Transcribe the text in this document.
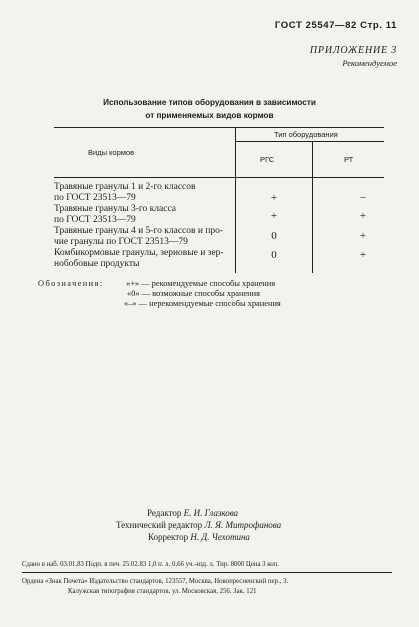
ГОСТ 25547—82 Стр. 11
ПРИЛОЖЕНИЕ 3
Рекомендуемое
Использование типов оборудования в зависимости
от применяемых видов кормов
Виды кормов
Тип оборудования
РГС	РТ
Травяные гранулы 1 и 2-го классов
по ГОСТ 23513—79	+	−
Травяные гранулы 3-го класса
по ГОСТ 23513—79	+	+
Травяные гранулы 4 и 5-го классов и про-
чие гранулы по ГОСТ 23513—79
0	+
Комбикормовые гранулы, зерновые и зер-
нобобовые продукты
0	+
Обозначения:	«+» — рекомендуемые способы хранения
«0» — возможные способы хранения
«–» — нерекомендуемые способы хранения
Редактор Е. И. Глазкова
Технический редактор Л. Я. Митрофанова
Корректор Н. Д. Чехотина
Сдано в наб. 03.01.83 Подп. в печ. 25.02.83 1,0 п. л. 0,66 уч.-изд. л. Тир. 8000 Цена 3 коп.
Ордена «Знак Почета» Издательство стандартов, 123557, Москва, Новопресненский пер., 3.
Калужская типография стандартов, ул. Московская, 256. Зак. 121
